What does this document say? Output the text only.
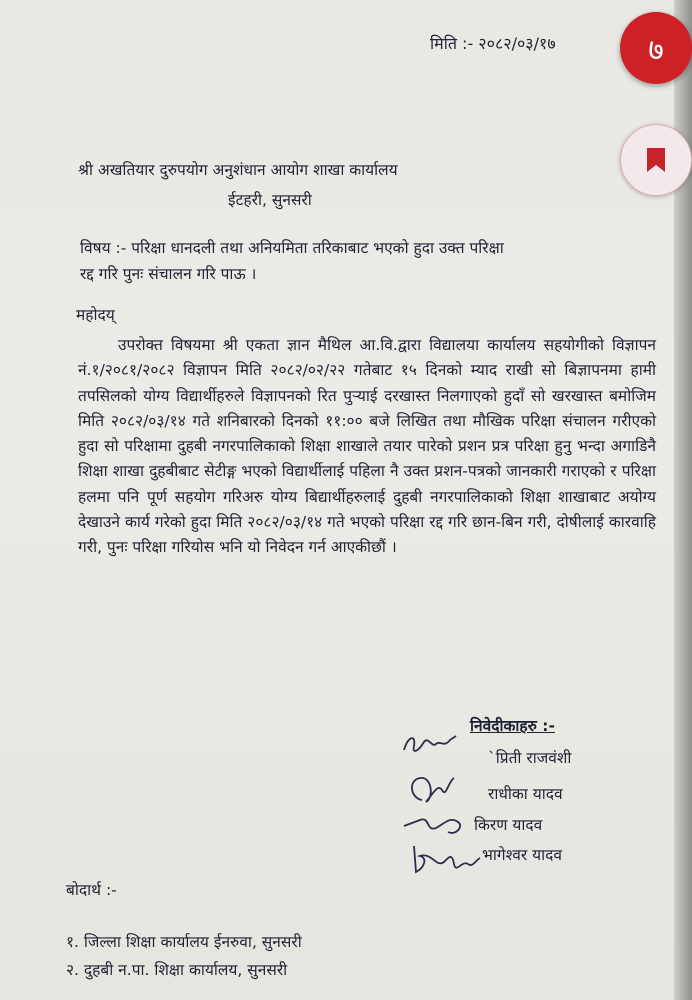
मिति :- २०८२/०३/१७
श्री अखतियार दुरुपयोग अनुशंधान आयोग शाखा कार्यालय
ईटहरी, सुनसरी
विषय :- परिक्षा धानदली तथा अनियमिता तरिकाबाट भएको हुदा उक्त परिक्षा
रद्द गरि पुनः संचालन गरि पाऊ ।
महोदय्
उपरोक्त विषयमा श्री एकता ज्ञान मैथिल आ.वि.द्वारा विद्यालया कार्यालय सहयोगीको विज्ञापन नं.१/२०८१/२०८२ विज्ञापन मिति २०८२/०२/२२ गतेबाट १५ दिनको म्याद राखी सो बिज्ञापनमा हामी तपसिलको योग्य विद्यार्थीहरुले विज्ञापनको रित पुऱ्याई दरखास्त निलगाएको हुदाँ सो खरखास्त बमोजिम मिति २०८२/०३/१४ गते शनिबारको दिनको ११:०० बजे लिखित तथा मौखिक परिक्षा संचालन गरीएको हुदा सो परिक्षामा दुहबी नगरपालिकाको शिक्षा शाखाले तयार पारेको प्रशन प्रत्र परिक्षा हुनु भन्दा अगाडिनै शिक्षा शाखा दुहबीबाट सेटीङ्ग भएको विद्यार्थीलाई पहिला नै उक्त प्रशन-पत्रको जानकारी गराएको र परिक्षा हलमा पनि पूर्ण सहयोग गरिअरु योग्य बिद्यार्थीहरुलाई दुहबी नगरपालिकाको शिक्षा शाखाबाट अयोग्य देखाउने कार्य गरेको हुदा मिति २०८२/०३/१४ गते भएको परिक्षा रद्द गरि छान-बिन गरी, दोषीलाई कारवाहि गरी, पुनः परिक्षा गरियोस भनि यो निवेदन गर्न आएकीछौं ।
निवेदीकाहरु :-
`प्रिती राजवंशी
राधीका यादव
किरण यादव
भागेश्वर यादव
बोदार्थ :-
१. जिल्ला शिक्षा कार्यालय ईनरुवा, सुनसरी
२. दुहबी न.पा. शिक्षा कार्यालय, सुनसरी
७
